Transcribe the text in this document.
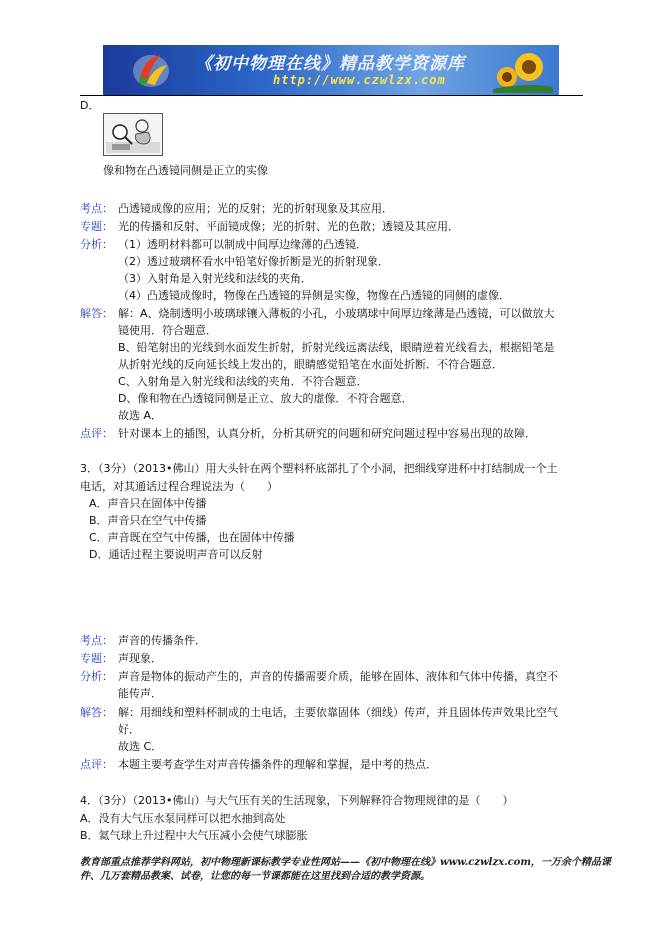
《初中物理在线》精品教学资源库
http://www.czwlzx.com
D．
像和物在凸透镜同侧是正立的实像
考点： 凸透镜成像的应用；光的反射；光的折射现象及其应用．
专题： 光的传播和反射、平面镜成像；光的折射、光的色散；透镜及其应用．
分析： （1）透明材料都可以制成中间厚边缘薄的凸透镜．
（2）透过玻璃杯看水中铅笔好像折断是光的折射现象．
（3）入射角是入射光线和法线的夹角．
（4）凸透镜成像时，物像在凸透镜的异侧是实像，物像在凸透镜的同侧的虚像．
解答： 解：A、烧制透明小玻璃球镶入薄板的小孔，小玻璃球中间厚边缘薄是凸透镜，可以做放大
镜使用．符合题意．
B、铅笔射出的光线到水面发生折射，折射光线远离法线，眼睛逆着光线看去，根据铅笔是
从折射光线的反向延长线上发出的，眼睛感觉铅笔在水面处折断．不符合题意．
C、入射角是入射光线和法线的夹角．不符合题意．
D、像和物在凸透镜同侧是正立、放大的虚像．不符合题意．
故选 A．
点评： 针对课本上的插图，认真分析，分析其研究的问题和研究问题过程中容易出现的故障．
3．（3分）（2013•佛山）用大头针在两个塑料杯底部扎了个小洞，把细线穿进杯中打结制成一个土
电话，对其通话过程合理说法为（　　）
A．声音只在固体中传播
B．声音只在空气中传播
C．声音既在空气中传播，也在固体中传播
D．通话过程主要说明声音可以反射
考点： 声音的传播条件．
专题： 声现象．
分析： 声音是物体的振动产生的，声音的传播需要介质，能够在固体、液体和气体中传播，真空不
能传声．
解答： 解：用细线和塑料杯制成的土电话，主要依靠固体（细线）传声，并且固体传声效果比空气
好．
故选 C．
点评： 本题主要考查学生对声音传播条件的理解和掌握，是中考的热点．
4．（3分）（2013•佛山）与大气压有关的生活现象，下列解释符合物理规律的是（　　）
A．没有大气压水泵同样可以把水抽到高处
B．氦气球上升过程中大气压减小会使气球膨胀
教育部重点推荐学科网站，初中物理新课标教学专业性网站——《初中物理在线》www.czwlzx.com，一万余个精品课
件、几万套精品教案、试卷，让您的每一节课都能在这里找到合适的教学资源。
